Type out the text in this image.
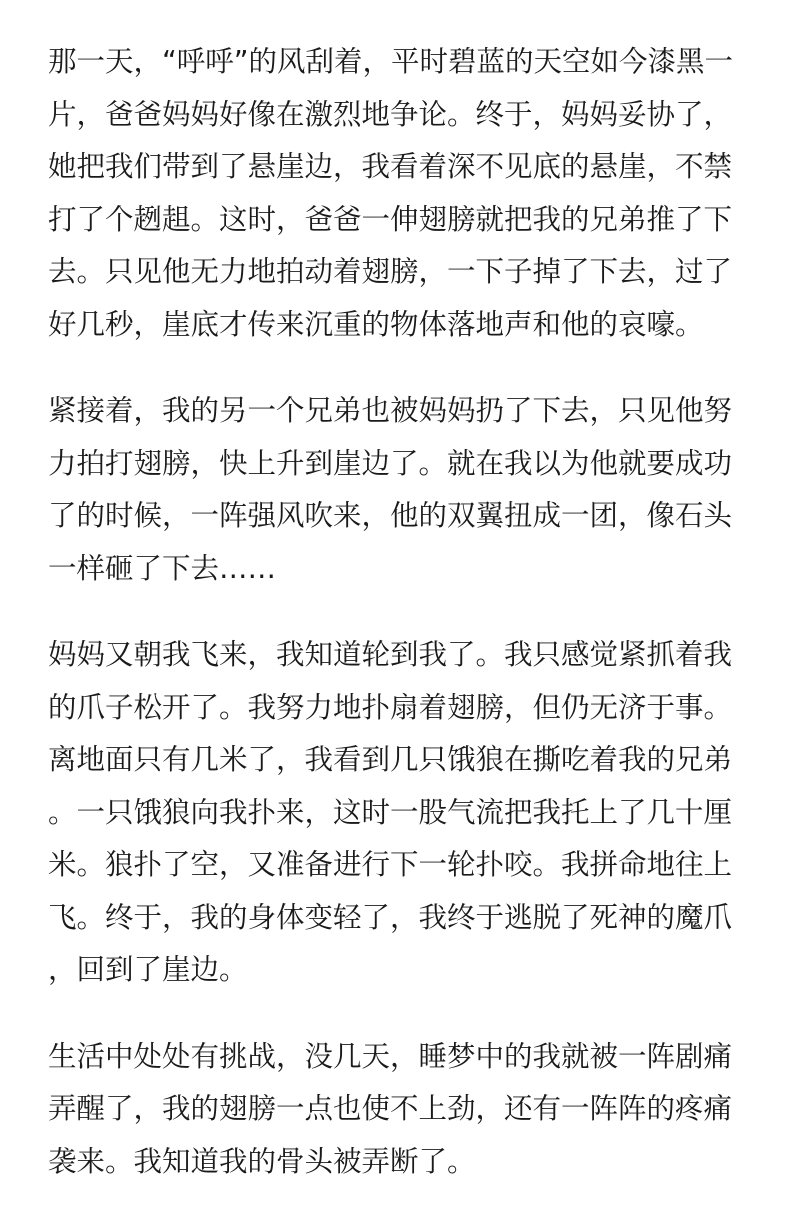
那一天，“呼呼”的风刮着，平时碧蓝的天空如今漆黑一
片，爸爸妈妈好像在激烈地争论。终于，妈妈妥协了，
她把我们带到了悬崖边，我看着深不见底的悬崖，不禁
打了个趔趄。这时，爸爸一伸翅膀就把我的兄弟推了下
去。只见他无力地拍动着翅膀，一下子掉了下去，过了
好几秒，崖底才传来沉重的物体落地声和他的哀嚎。

紧接着，我的另一个兄弟也被妈妈扔了下去，只见他努
力拍打翅膀，快上升到崖边了。就在我以为他就要成功
了的时候，一阵强风吹来，他的双翼扭成一团，像石头
一样砸了下去……

妈妈又朝我飞来，我知道轮到我了。我只感觉紧抓着我
的爪子松开了。我努力地扑扇着翅膀，但仍无济于事。
离地面只有几米了，我看到几只饿狼在撕吃着我的兄弟
。一只饿狼向我扑来，这时一股气流把我托上了几十厘
米。狼扑了空，又准备进行下一轮扑咬。我拼命地往上
飞。终于，我的身体变轻了，我终于逃脱了死神的魔爪
，回到了崖边。

生活中处处有挑战，没几天，睡梦中的我就被一阵剧痛
弄醒了，我的翅膀一点也使不上劲，还有一阵阵的疼痛
袭来。我知道我的骨头被弄断了。
